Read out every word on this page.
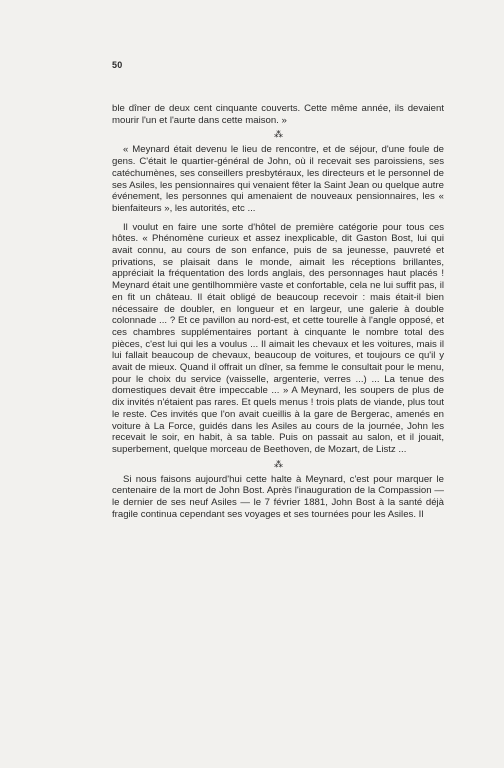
50

ble dîner de deux cent cinquante couverts. Cette même année, ils devaient mourir l'un et l'aurte dans cette maison. »

⁂

« Meynard était devenu le lieu de rencontre, et de séjour, d'une foule de gens. C'était le quartier-général de John, où il recevait ses paroissiens, ses catéchumènes, ses conseillers presbytéraux, les directeurs et le personnel de ses Asiles, les pensionnaires qui venaient fêter la Saint Jean ou quelque autre événement, les personnes qui amenaient de nouveaux pensionnaires, les « bienfaiteurs », les autorités, etc ...

Il voulut en faire une sorte d'hôtel de première catégorie pour tous ces hôtes. « Phénomène curieux et assez inexplicable, dit Gaston Bost, lui qui avait connu, au cours de son enfance, puis de sa jeunesse, pauvreté et privations, se plaisait dans le monde, aimait les réceptions brillantes, appréciait la fréquentation des lords anglais, des personnages haut placés ! Meynard était une gentilhommière vaste et confortable, cela ne lui suffit pas, il en fit un château. Il était obligé de beaucoup recevoir : mais était-il bien nécessaire de doubler, en longueur et en largeur, une galerie à double colonnade ... ? Et ce pavillon au nord-est, et cette tourelle à l'angle opposé, et ces chambres supplémentaires portant à cinquante le nombre total des pièces, c'est lui qui les a voulus ... Il aimait les chevaux et les voitures, mais il lui fallait beaucoup de chevaux, beaucoup de voitures, et toujours ce qu'il y avait de mieux. Quand il offrait un dîner, sa femme le consultait pour le menu, pour le choix du service (vaisselle, argenterie, verres ...) ... La tenue des domestiques devait être impeccable ... » A Meynard, les soupers de plus de dix invités n'étaient pas rares. Et quels menus ! trois plats de viande, plus tout le reste. Ces invités que l'on avait cueillis à la gare de Bergerac, amenés en voiture à La Force, guidés dans les Asiles au cours de la journée, John les recevait le soir, en habit, à sa table. Puis on passait au salon, et il jouait, superbement, quelque morceau de Beethoven, de Mozart, de Listz ...

⁂

Si nous faisons aujourd'hui cette halte à Meynard, c'est pour marquer le centenaire de la mort de John Bost. Après l'inauguration de la Compassion — le dernier de ses neuf Asiles — le 7 février 1881, John Bost à la santé déjà fragile continua cependant ses voyages et ses tournées pour les Asiles. Il
